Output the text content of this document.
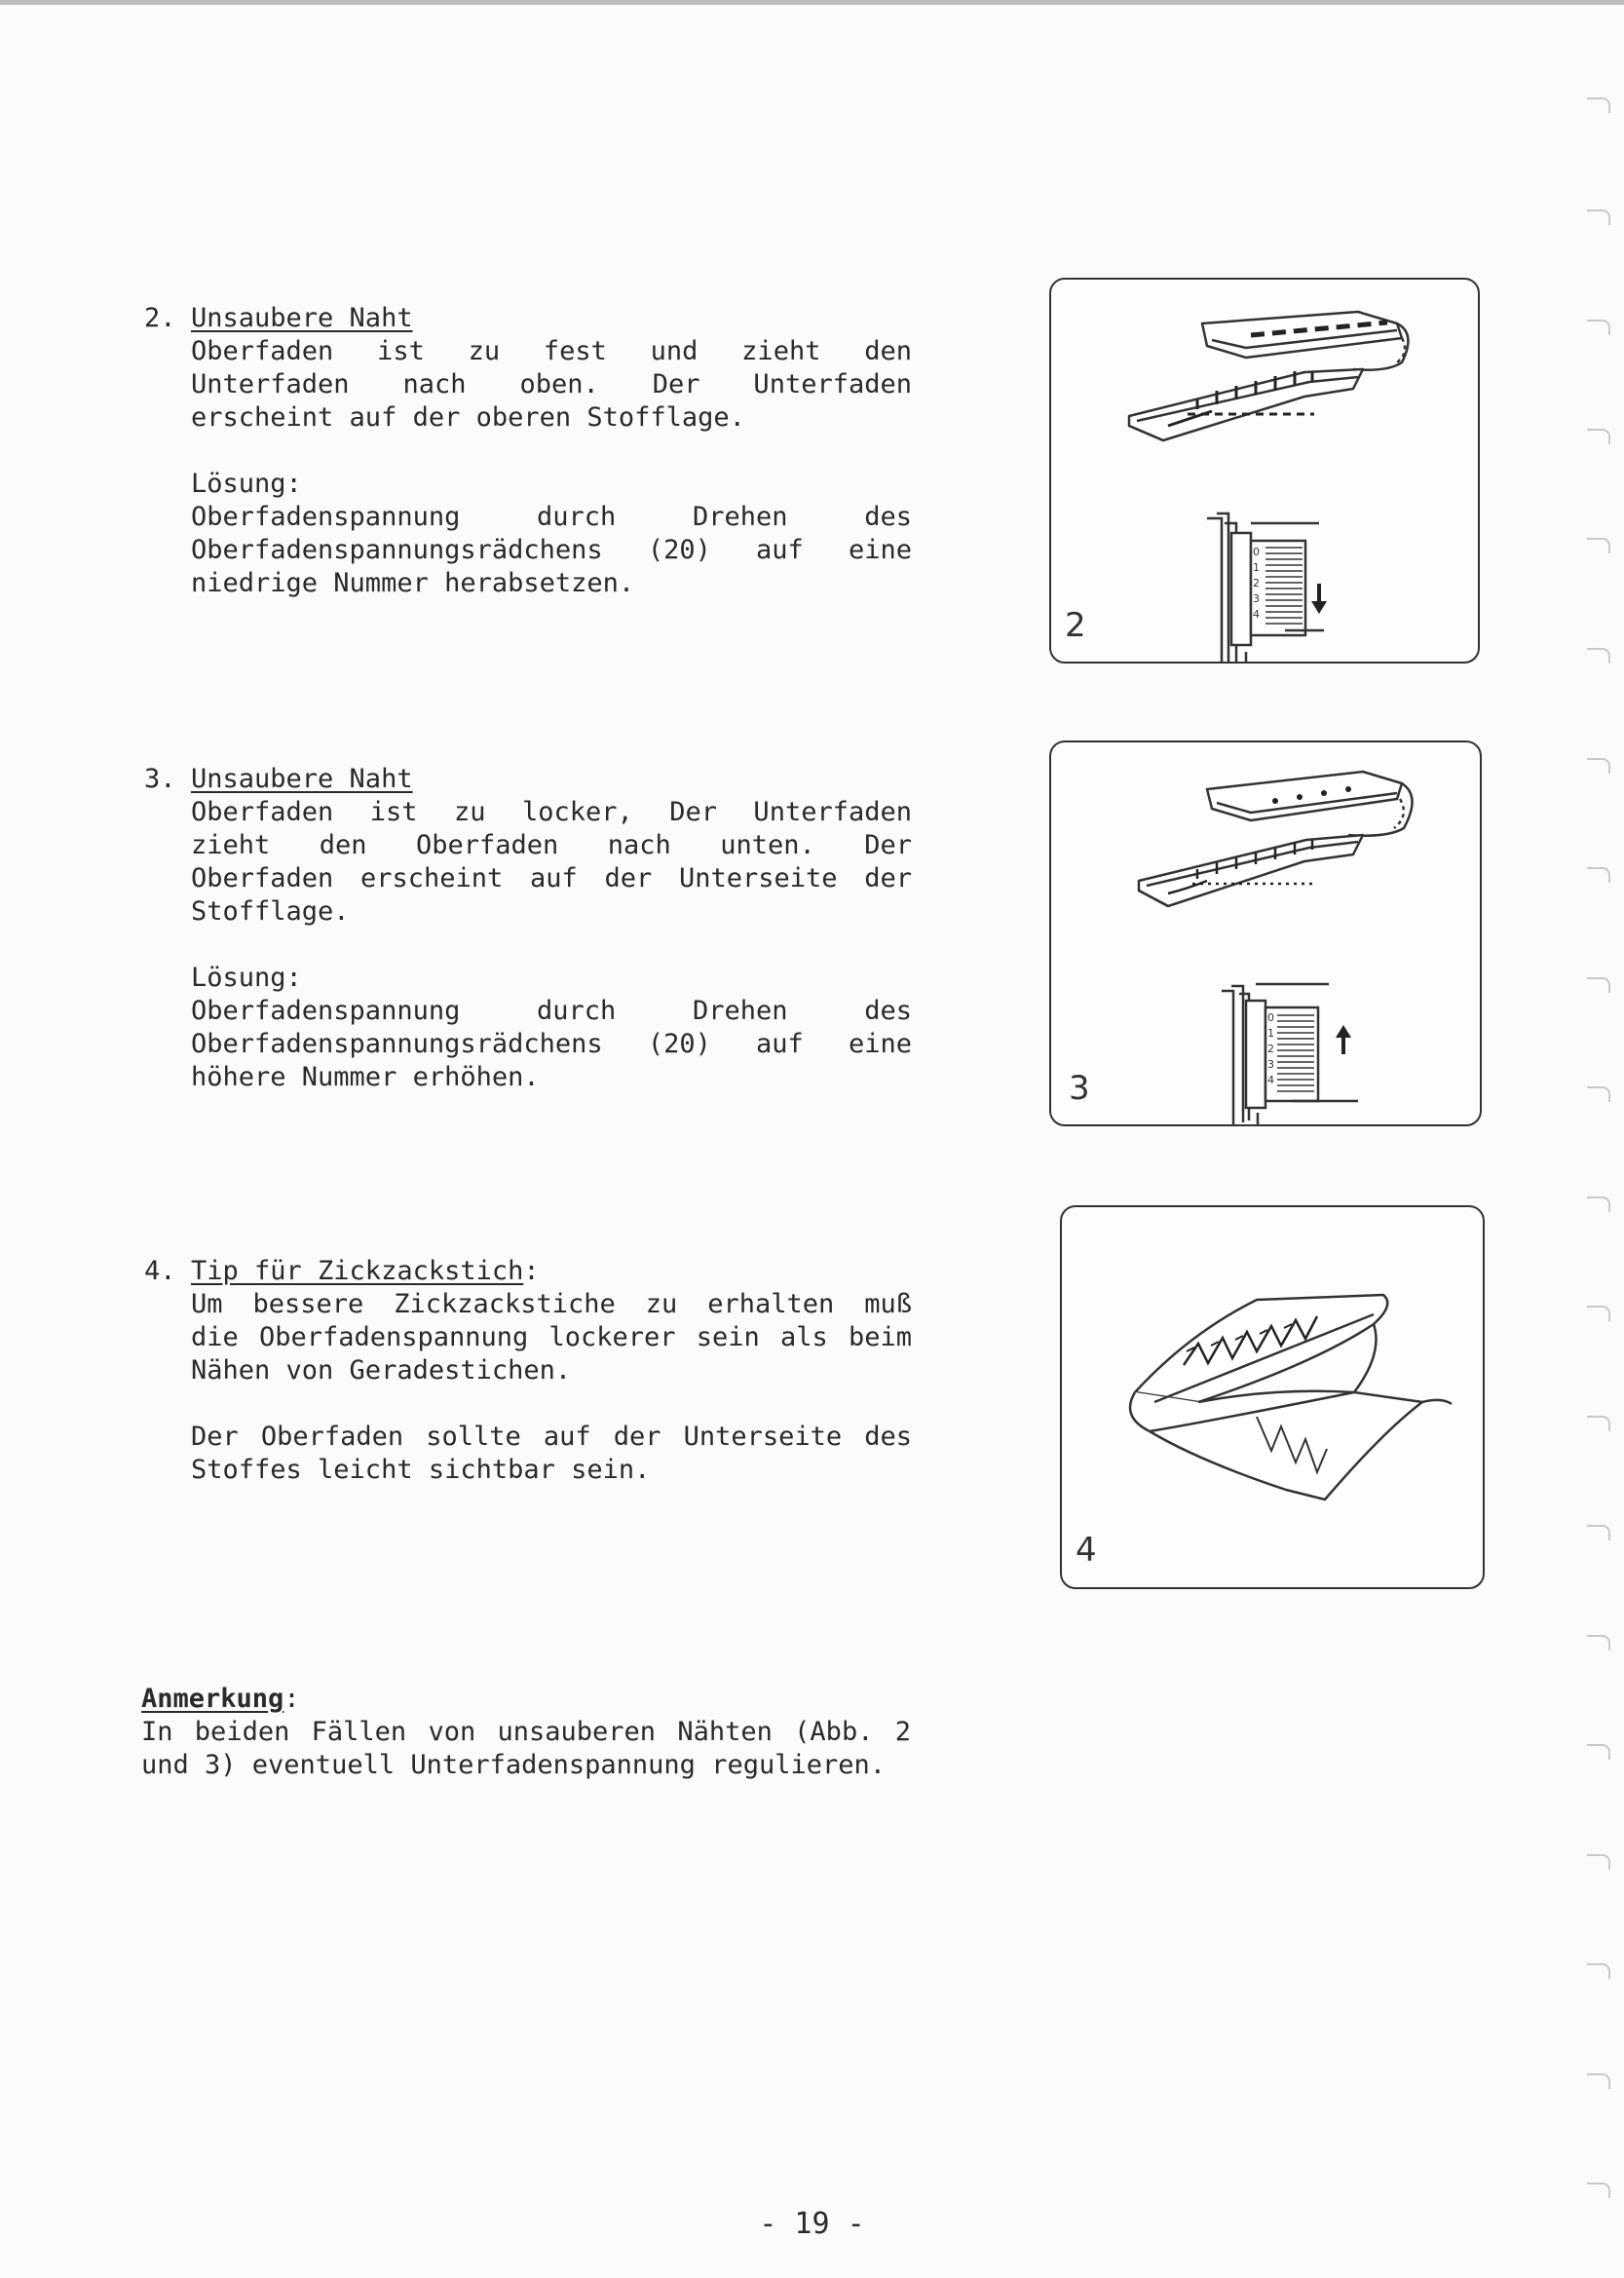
2. Unsaubere Naht

Oberfaden ist zu fest und zieht den

Unterfaden nach oben. Der Unterfaden

erscheint auf der oberen Stofflage.

Lösung:

Oberfadenspannung durch Drehen des

Oberfadenspannungsrädchens (20) auf eine

niedrige Nummer herabsetzen.

3. Unsaubere Naht

Oberfaden ist zu locker, Der Unterfaden

zieht den Oberfaden nach unten. Der

Oberfaden erscheint auf der Unterseite der

Stofflage.

Lösung:

Oberfadenspannung durch Drehen des

Oberfadenspannungsrädchens (20) auf eine

höhere Nummer erhöhen.

4. Tip für Zickzackstich:

Um bessere Zickzackstiche zu erhalten muß

die Oberfadenspannung lockerer sein als beim

Nähen von Geradestichen.

Der Oberfaden sollte auf der Unterseite des

Stoffes leicht sichtbar sein.

Anmerkung:

In beiden Fällen von unsauberen Nähten (Abb. 2

und 3) eventuell Unterfadenspannung regulieren.

0
1
2
3
4
2
0
1
2
3
4
3
4
- 19 -
